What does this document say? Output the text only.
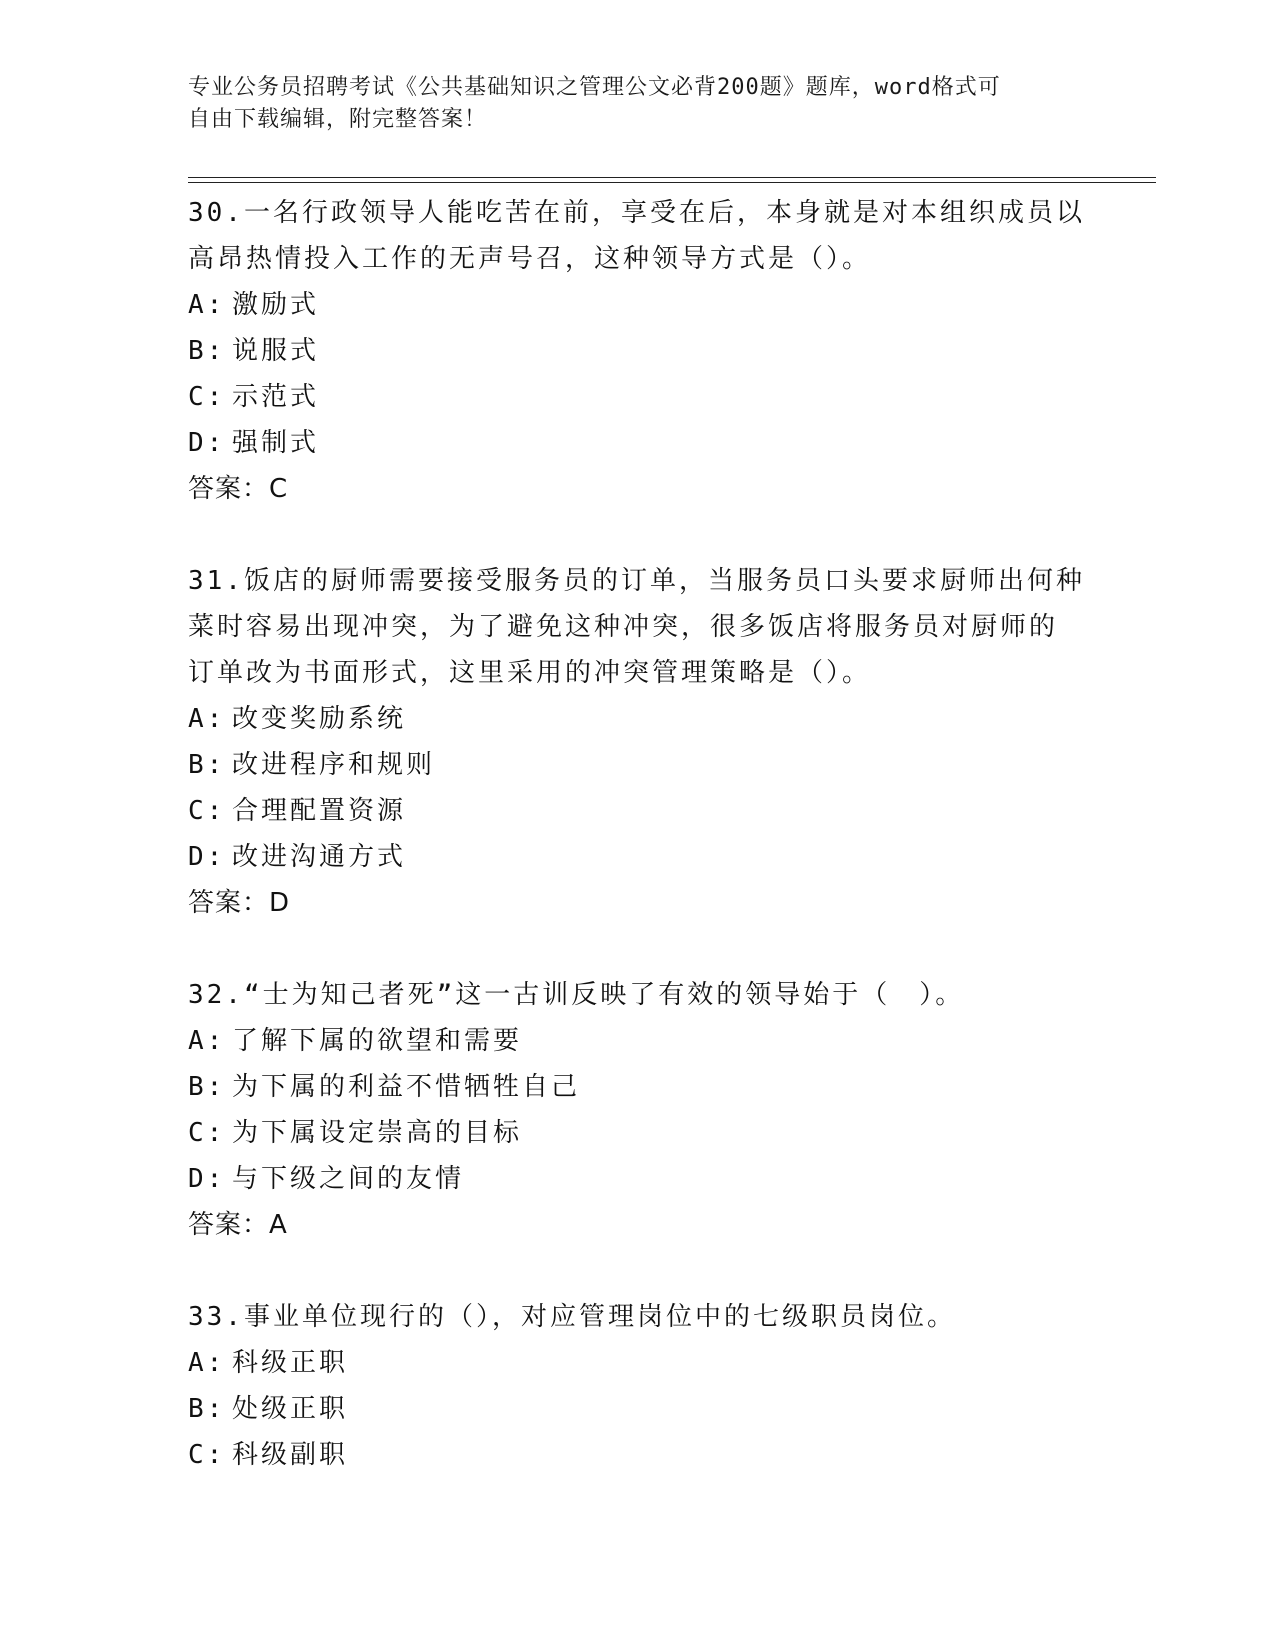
专业公务员招聘考试《公共基础知识之管理公文必背200题》题库，word格式可
自由下载编辑，附完整答案！
30.一名行政领导人能吃苦在前，享受在后，本身就是对本组织成员以
高昂热情投入工作的无声号召，这种领导方式是（）。
A: 激励式
B: 说服式
C: 示范式
D: 强制式
答案：C
31.饭店的厨师需要接受服务员的订单，当服务员口头要求厨师出何种
菜时容易出现冲突，为了避免这种冲突，很多饭店将服务员对厨师的
订单改为书面形式，这里采用的冲突管理策略是（）。
A: 改变奖励系统
B: 改进程序和规则
C: 合理配置资源
D: 改进沟通方式
答案：D
32.“士为知己者死”这一古训反映了有效的领导始于（　）。
A: 了解下属的欲望和需要
B: 为下属的利益不惜牺牲自己
C: 为下属设定崇高的目标
D: 与下级之间的友情
答案：A
33.事业单位现行的（），对应管理岗位中的七级职员岗位。
A: 科级正职
B: 处级正职
C: 科级副职
